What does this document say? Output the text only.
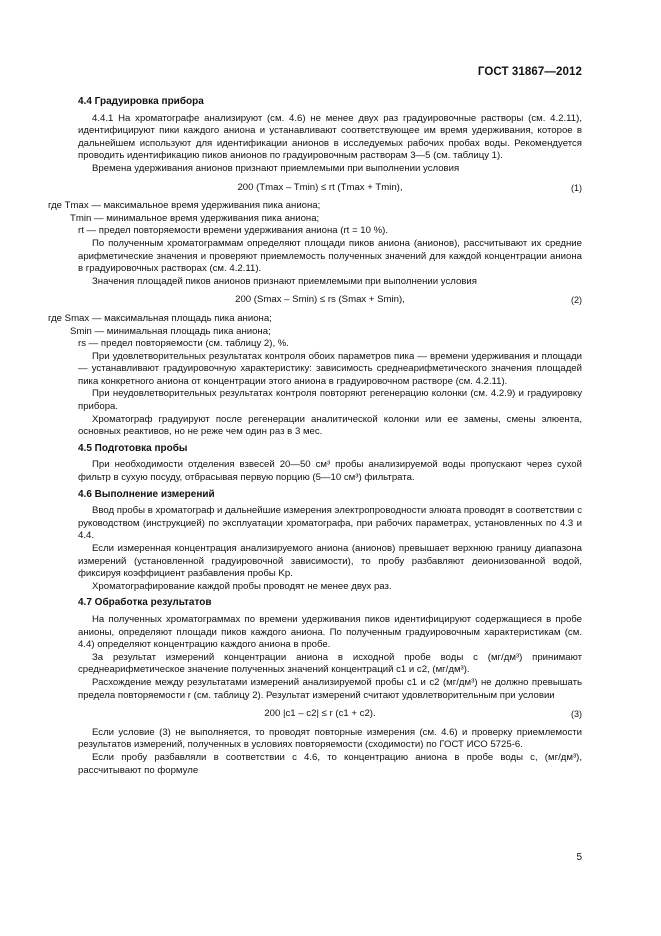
ГОСТ 31867—2012
4.4 Градуировка прибора

4.4.1 На хроматографе анализируют (см. 4.6) не менее двух раз градуировочные растворы (см. 4.2.11), идентифицируют пики каждого аниона и устанавливают соответствующее им время удерживания, которое в дальнейшем используют для идентификации анионов в исследуемых рабочих пробах воды. Рекомендуется проводить идентификацию пиков анионов по градуировочным растворам 3—5 (см. таблицу 1).

Времена удерживания анионов признают приемлемыми при выполнении условия

200 (Tmax – Tmin) ≤ rt (Tmax + Tmin),	(1)

где Tmax — максимальное время удерживания пика аниона;

Tmin — минимальное время удерживания пика аниона;

rt — предел повторяемости времени удерживания аниона (rt = 10 %).

По полученным хроматограммам определяют площади пиков аниона (анионов), рассчитывают их средние арифметические значения и проверяют приемлемость полученных значений для каждой концентрации аниона в градуировочных растворах (см. 4.2.11).

Значения площадей пиков анионов признают приемлемыми при выполнении условия

200 (Smax – Smin) ≤ rs (Smax + Smin),	(2)

где Smax — максимальная площадь пика аниона;

Smin — минимальная площадь пика аниона;

rs — предел повторяемости (см. таблицу 2), %.

При удовлетворительных результатах контроля обоих параметров пика — времени удерживания и площади — устанавливают градуировочную характеристику: зависимость среднеарифметического значения площадей пика конкретного аниона от концентрации этого аниона в градуировочном растворе (см. 4.2.11).

При неудовлетворительных результатах контроля повторяют регенерацию колонки (см. 4.2.9) и градуировку прибора.

Хроматограф градуируют после регенерации аналитической колонки или ее замены, смены элюента, основных реактивов, но не реже чем один раз в 3 мес.

4.5 Подготовка пробы

При необходимости отделения взвесей 20—50 см³ пробы анализируемой воды пропускают через сухой фильтр в сухую посуду, отбрасывая первую порцию (5—10 см³) фильтрата.

4.6 Выполнение измерений

Ввод пробы в хроматограф и дальнейшие измерения электропроводности элюата проводят в соответствии с руководством (инструкцией) по эксплуатации хроматографа, при рабочих параметрах, установленных по 4.3 и 4.4.

Если измеренная концентрация анализируемого аниона (анионов) превышает верхнюю границу диапазона измерений (установленной градуировочной зависимости), то пробу разбавляют деионизованной водой, фиксируя коэффициент разбавления пробы Kр.

Хроматографирование каждой пробы проводят не менее двух раз.

4.7 Обработка результатов

На полученных хроматограммах по времени удерживания пиков идентифицируют содержащиеся в пробе анионы, определяют площади пиков каждого аниона. По полученным градуировочным характеристикам (см. 4.4) определяют концентрацию каждого аниона в пробе.

За результат измерений концентрации аниона в исходной пробе воды c (мг/дм³) принимают среднеарифметическое значение полученных значений концентраций c1 и c2, (мг/дм³).

Расхождение между результатами измерений анализируемой пробы c1 и c2 (мг/дм³) не должно превышать предела повторяемости r (см. таблицу 2). Результат измерений считают удовлетворительным при условии

200 |c1 – c2| ≤ r (c1 + c2).	(3)

Если условие (3) не выполняется, то проводят повторные измерения (см. 4.6) и проверку приемлемости результатов измерений, полученных в условиях повторяемости (сходимости) по ГОСТ ИСО 5725-6.

Если пробу разбавляли в соответствии с 4.6, то концентрацию аниона в пробе воды c, (мг/дм³), рассчитывают по формуле

5
